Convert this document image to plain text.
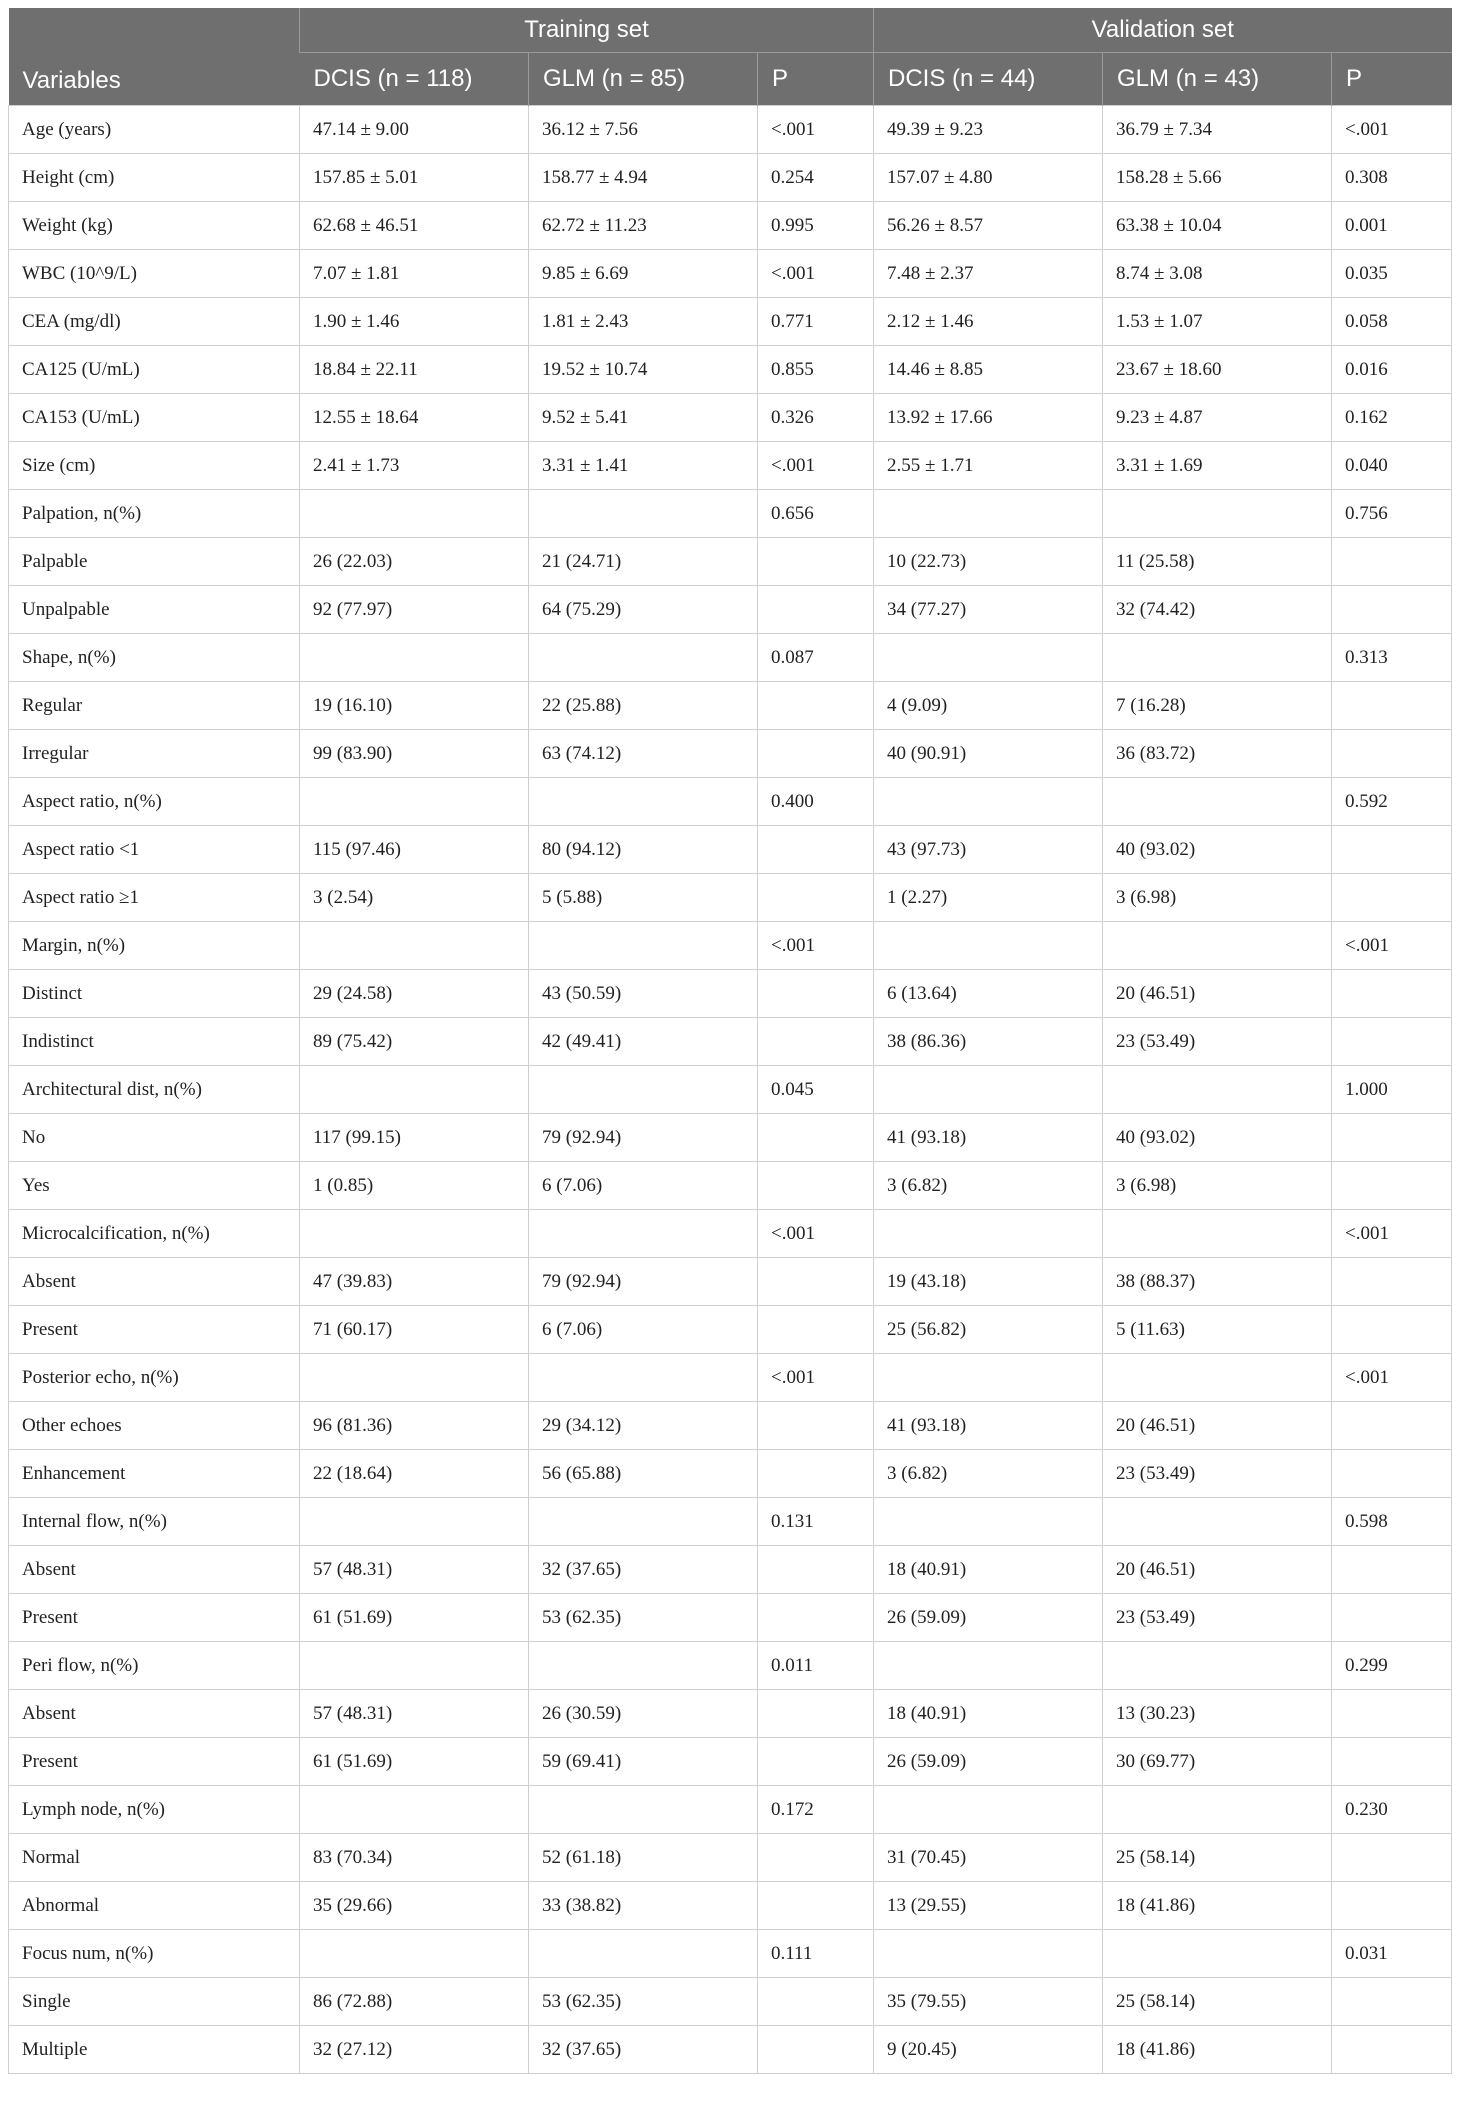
Variables	Training set			Validation set		
	DCIS (n = 118)	GLM (n = 85)	P	DCIS (n = 44)	GLM (n = 43)	P
Age (years)	47.14 ± 9.00	36.12 ± 7.56	<.001	49.39 ± 9.23	36.79 ± 7.34	<.001
Height (cm)	157.85 ± 5.01	158.77 ± 4.94	0.254	157.07 ± 4.80	158.28 ± 5.66	0.308
Weight (kg)	62.68 ± 46.51	62.72 ± 11.23	0.995	56.26 ± 8.57	63.38 ± 10.04	0.001
WBC (10^9/L)	7.07 ± 1.81	9.85 ± 6.69	<.001	7.48 ± 2.37	8.74 ± 3.08	0.035
CEA (mg/dl)	1.90 ± 1.46	1.81 ± 2.43	0.771	2.12 ± 1.46	1.53 ± 1.07	0.058
CA125 (U/mL)	18.84 ± 22.11	19.52 ± 10.74	0.855	14.46 ± 8.85	23.67 ± 18.60	0.016
CA153 (U/mL)	12.55 ± 18.64	9.52 ± 5.41	0.326	13.92 ± 17.66	9.23 ± 4.87	0.162
Size (cm)	2.41 ± 1.73	3.31 ± 1.41	<.001	2.55 ± 1.71	3.31 ± 1.69	0.040
Palpation, n(%)			0.656			0.756
Palpable	26 (22.03)	21 (24.71)		10 (22.73)	11 (25.58)	
Unpalpable	92 (77.97)	64 (75.29)		34 (77.27)	32 (74.42)	
Shape, n(%)			0.087			0.313
Regular	19 (16.10)	22 (25.88)		4 (9.09)	7 (16.28)	
Irregular	99 (83.90)	63 (74.12)		40 (90.91)	36 (83.72)	
Aspect ratio, n(%)			0.400			0.592
Aspect ratio <1	115 (97.46)	80 (94.12)		43 (97.73)	40 (93.02)	
Aspect ratio ≥1	3 (2.54)	5 (5.88)		1 (2.27)	3 (6.98)	
Margin, n(%)			<.001			<.001
Distinct	29 (24.58)	43 (50.59)		6 (13.64)	20 (46.51)	
Indistinct	89 (75.42)	42 (49.41)		38 (86.36)	23 (53.49)	
Architectural dist, n(%)			0.045			1.000
No	117 (99.15)	79 (92.94)		41 (93.18)	40 (93.02)	
Yes	1 (0.85)	6 (7.06)		3 (6.82)	3 (6.98)	
Microcalcification, n(%)			<.001			<.001
Absent	47 (39.83)	79 (92.94)		19 (43.18)	38 (88.37)	
Present	71 (60.17)	6 (7.06)		25 (56.82)	5 (11.63)	
Posterior echo, n(%)			<.001			<.001
Other echoes	96 (81.36)	29 (34.12)		41 (93.18)	20 (46.51)	
Enhancement	22 (18.64)	56 (65.88)		3 (6.82)	23 (53.49)	
Internal flow, n(%)			0.131			0.598
Absent	57 (48.31)	32 (37.65)		18 (40.91)	20 (46.51)	
Present	61 (51.69)	53 (62.35)		26 (59.09)	23 (53.49)	
Peri flow, n(%)			0.011			0.299
Absent	57 (48.31)	26 (30.59)		18 (40.91)	13 (30.23)	
Present	61 (51.69)	59 (69.41)		26 (59.09)	30 (69.77)	
Lymph node, n(%)			0.172			0.230
Normal	83 (70.34)	52 (61.18)		31 (70.45)	25 (58.14)	
Abnormal	35 (29.66)	33 (38.82)		13 (29.55)	18 (41.86)	
Focus num, n(%)			0.111			0.031
Single	86 (72.88)	53 (62.35)		35 (79.55)	25 (58.14)	
Multiple	32 (27.12)	32 (37.65)		9 (20.45)	18 (41.86)	
